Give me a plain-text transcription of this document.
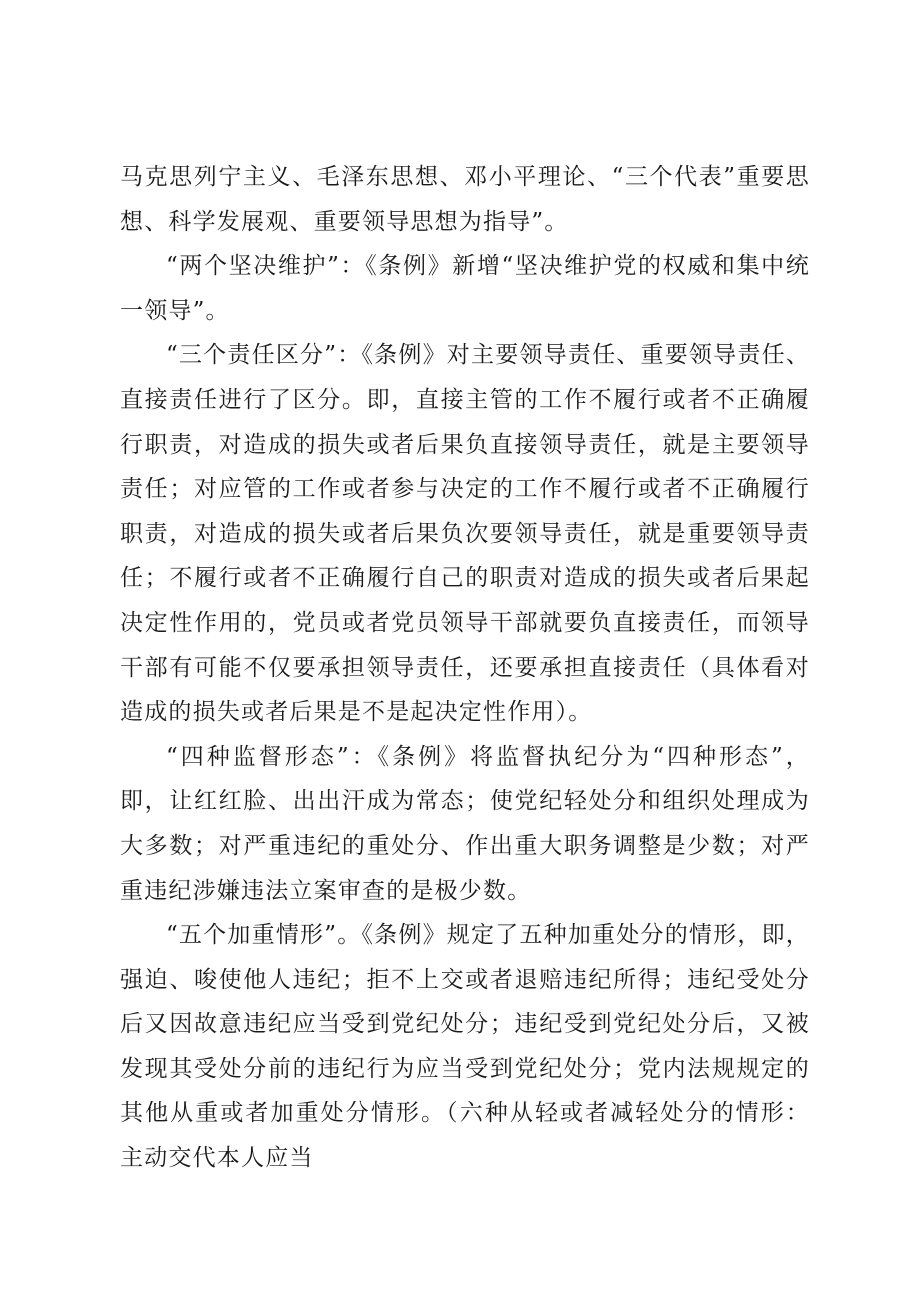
马克思列宁主义、毛泽东思想、邓小平理论、“三个代表”重要思想、科学发展观、重要领导思想为指导”。

“两个坚决维护”：《条例》新增“坚决维护党的权威和集中统一领导”。

“三个责任区分”：《条例》对主要领导责任、重要领导责任、直接责任进行了区分。即，直接主管的工作不履行或者不正确履行职责，对造成的损失或者后果负直接领导责任，就是主要领导责任；对应管的工作或者参与决定的工作不履行或者不正确履行职责，对造成的损失或者后果负次要领导责任，就是重要领导责任；不履行或者不正确履行自己的职责对造成的损失或者后果起决定性作用的，党员或者党员领导干部就要负直接责任，而领导干部有可能不仅要承担领导责任，还要承担直接责任（具体看对造成的损失或者后果是不是起决定性作用）。

“四种监督形态”：《条例》将监督执纪分为“四种形态”，即，让红红脸、出出汗成为常态；使党纪轻处分和组织处理成为大多数；对严重违纪的重处分、作出重大职务调整是少数；对严重违纪涉嫌违法立案审查的是极少数。

“五个加重情形”。《条例》规定了五种加重处分的情形，即，强迫、唆使他人违纪；拒不上交或者退赔违纪所得；违纪受处分后又因故意违纪应当受到党纪处分；违纪受到党纪处分后，又被发现其受处分前的违纪行为应当受到党纪处分；党内法规规定的其他从重或者加重处分情形。（六种从轻或者减轻处分的情形：主动交代本人应当
